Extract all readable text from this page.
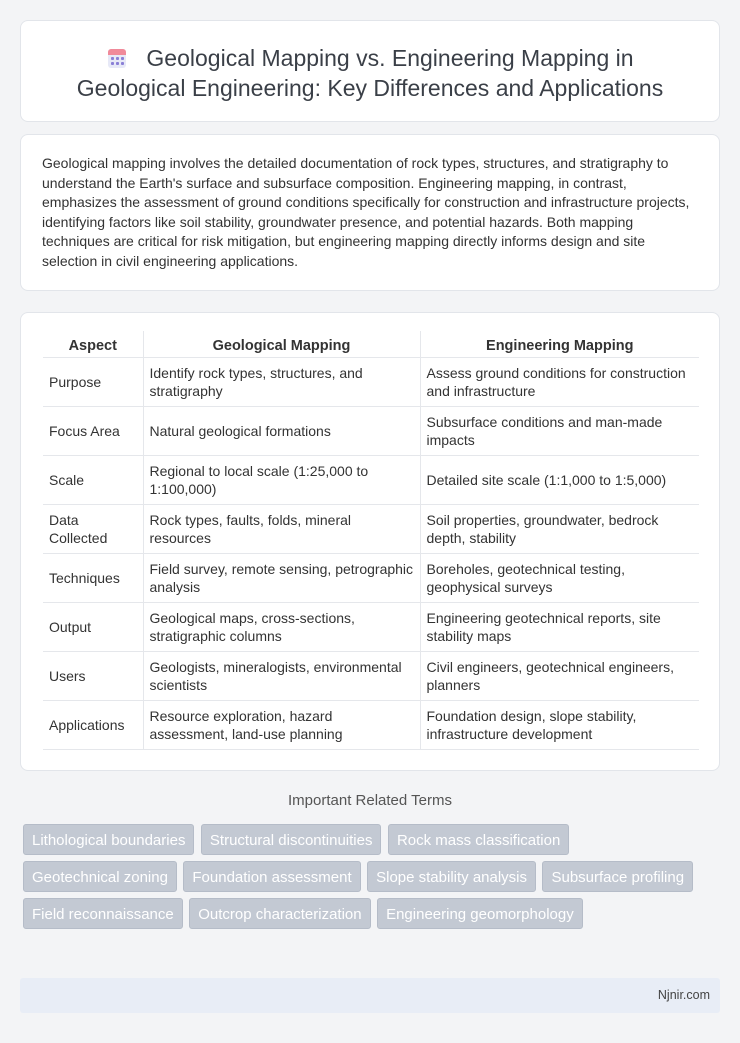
Geological Mapping vs. Engineering Mapping in Geological Engineering: Key Differences and Applications

Geological mapping involves the detailed documentation of rock types, structures, and stratigraphy to understand the Earth's surface and subsurface composition. Engineering mapping, in contrast, emphasizes the assessment of ground conditions specifically for construction and infrastructure projects, identifying factors like soil stability, groundwater presence, and potential hazards. Both mapping techniques are critical for risk mitigation, but engineering mapping directly informs design and site selection in civil engineering applications.

Aspect	Geological Mapping	Engineering Mapping
Purpose	Identify rock types, structures, and stratigraphy	Assess ground conditions for construction and infrastructure
Focus Area	Natural geological formations	Subsurface conditions and man-made impacts
Scale	Regional to local scale (1:25,000 to 1:100,000)	Detailed site scale (1:1,000 to 1:5,000)
Data Collected	Rock types, faults, folds, mineral resources	Soil properties, groundwater, bedrock depth, stability
Techniques	Field survey, remote sensing, petrographic analysis	Boreholes, geotechnical testing, geophysical surveys
Output	Geological maps, cross-sections, stratigraphic columns	Engineering geotechnical reports, site stability maps
Users	Geologists, mineralogists, environmental scientists	Civil engineers, geotechnical engineers, planners
Applications	Resource exploration, hazard assessment, land-use planning	Foundation design, slope stability, infrastructure development
Important Related Terms
Lithological boundaries Structural discontinuities Rock mass classification Geotechnical zoning Foundation assessment Slope stability analysis Subsurface profiling Field reconnaissance Outcrop characterization Engineering geomorphology
Njnir.com
